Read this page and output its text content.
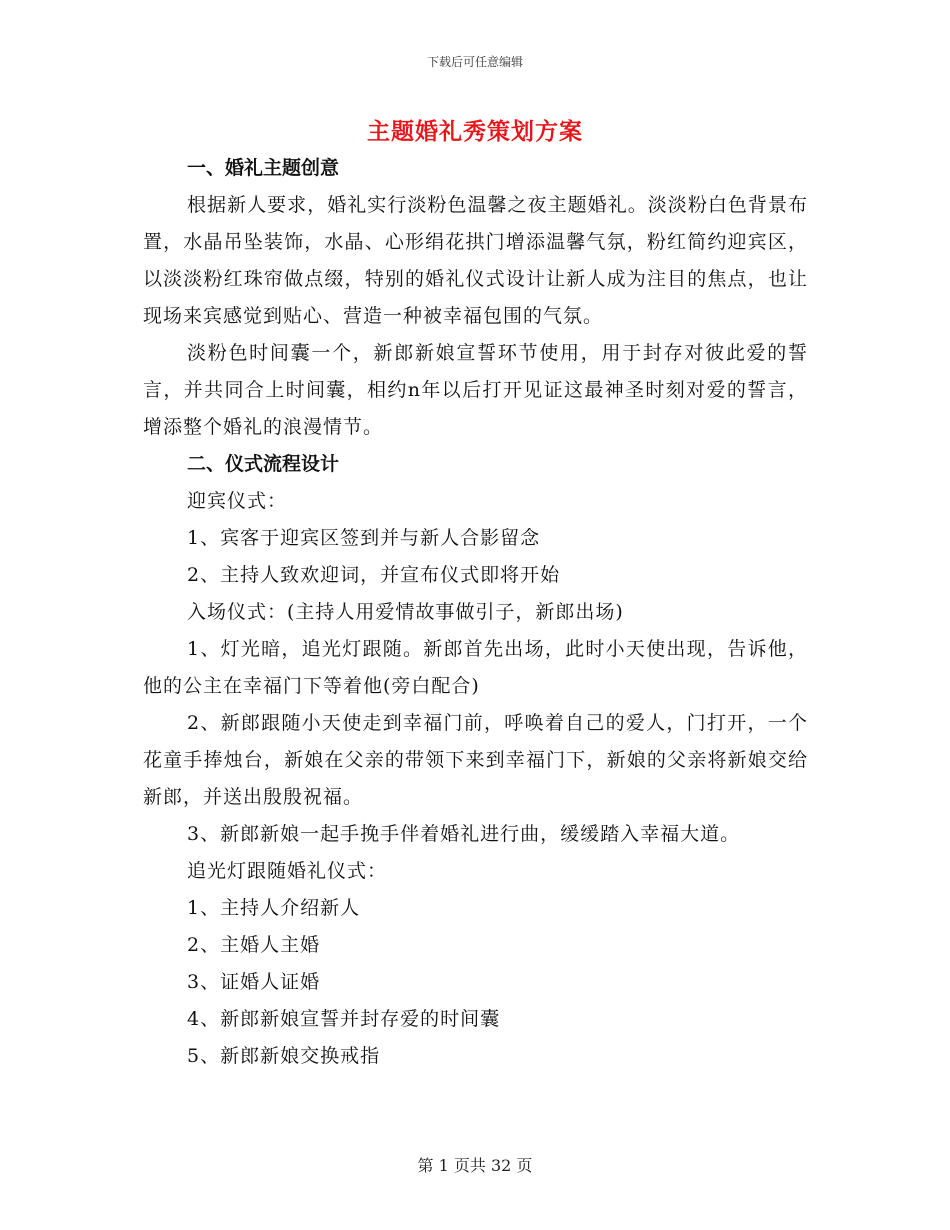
下载后可任意编辑
主题婚礼秀策划方案

一、婚礼主题创意

根据新人要求，婚礼实行淡粉色温馨之夜主题婚礼。淡淡粉白色背景布置，水晶吊坠装饰，水晶、心形绢花拱门增添温馨气氛，粉红简约迎宾区，以淡淡粉红珠帘做点缀，特别的婚礼仪式设计让新人成为注目的焦点，也让现场来宾感觉到贴心、营造一种被幸福包围的气氛。

淡粉色时间囊一个，新郎新娘宣誓环节使用，用于封存对彼此爱的誓言，并共同合上时间囊，相约n年以后打开见证这最神圣时刻对爱的誓言，增添整个婚礼的浪漫情节。

二、仪式流程设计

迎宾仪式：

1、宾客于迎宾区签到并与新人合影留念

2、主持人致欢迎词，并宣布仪式即将开始

入场仪式：(主持人用爱情故事做引子，新郎出场)

1、灯光暗，追光灯跟随。新郎首先出场，此时小天使出现，告诉他，他的公主在幸福门下等着他(旁白配合)

2、新郎跟随小天使走到幸福门前，呼唤着自己的爱人，门打开，一个花童手捧烛台，新娘在父亲的带领下来到幸福门下，新娘的父亲将新娘交给新郎，并送出殷殷祝福。

3、新郎新娘一起手挽手伴着婚礼进行曲，缓缓踏入幸福大道。

追光灯跟随婚礼仪式：

1、主持人介绍新人

2、主婚人主婚

3、证婚人证婚

4、新郎新娘宣誓并封存爱的时间囊

5、新郎新娘交换戒指

第 1 页共 32 页
